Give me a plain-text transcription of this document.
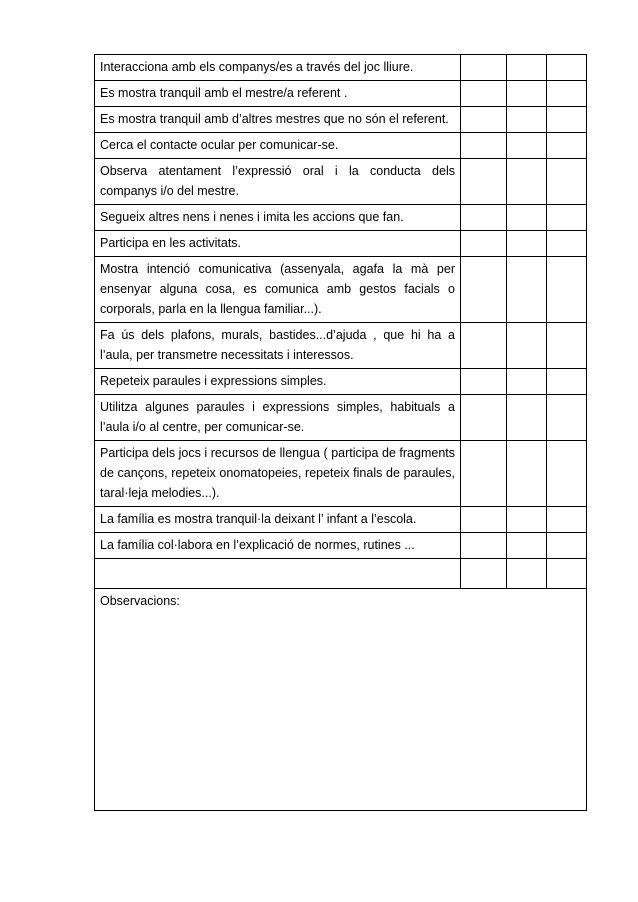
Interacciona amb els companys/es a través del joc lliure.			
Es mostra tranquil amb el mestre/a referent .			
Es mostra tranquil amb d’altres mestres que no són el referent.			
Cerca el contacte ocular per comunicar-se.			
Observa atentament l’expressió oral i la conducta dels companys i/o del mestre.			
Segueix altres nens i nenes i imita les accions que fan.			
Participa en les activitats.			
Mostra intenció comunicativa (assenyala, agafa la mà per ensenyar alguna cosa, es comunica amb gestos facials o corporals, parla en la llengua familiar...).			
Fa ús dels plafons, murals, bastides...d’ajuda , que hi ha a l’aula, per transmetre necessitats i interessos.			
Repeteix paraules i expressions simples.			
Utilitza algunes paraules i expressions simples, habituals a l’aula i/o al centre, per comunicar-se.			
Participa dels jocs i recursos de llengua ( participa de fragments de cançons, repeteix onomatopeies, repeteix finals de paraules, taral·leja melodies...).			
La família es mostra tranquil·la deixant l’ infant a l’escola.			
La família col·labora en l’explicació de normes, rutines ...			

Observacions:			
